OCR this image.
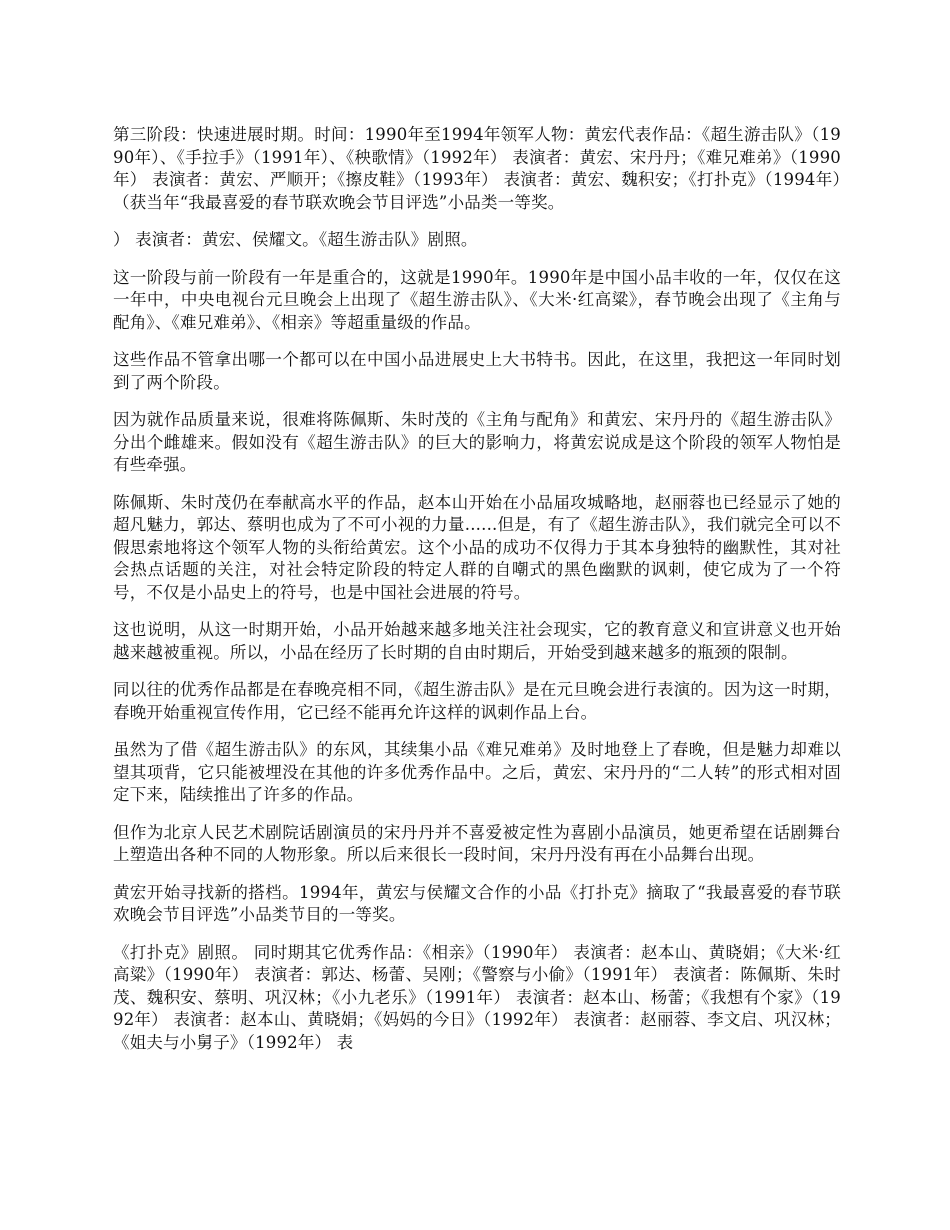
第三阶段：快速进展时期。时间：1990年至1994年领军人物：黄宏代表作品：《超生游击队》（1990年）、《手拉手》（1991年）、《秧歌情》（1992年） 表演者：黄宏、宋丹丹；《难兄难弟》（1990年） 表演者：黄宏、严顺开；《擦皮鞋》（1993年） 表演者：黄宏、魏积安；《打扑克》（1994年）（获当年“我最喜爱的春节联欢晚会节目评选”小品类一等奖。

） 表演者：黄宏、侯耀文。《超生游击队》剧照。

这一阶段与前一阶段有一年是重合的，这就是1990年。1990年是中国小品丰收的一年，仅仅在这一年中，中央电视台元旦晚会上出现了《超生游击队》、《大米·红高粱》，春节晚会出现了《主角与配角》、《难兄难弟》、《相亲》等超重量级的作品。

这些作品不管拿出哪一个都可以在中国小品进展史上大书特书。因此，在这里，我把这一年同时划到了两个阶段。

因为就作品质量来说，很难将陈佩斯、朱时茂的《主角与配角》和黄宏、宋丹丹的《超生游击队》分出个雌雄来。假如没有《超生游击队》的巨大的影响力，将黄宏说成是这个阶段的领军人物怕是有些牵强。

陈佩斯、朱时茂仍在奉献高水平的作品，赵本山开始在小品届攻城略地，赵丽蓉也已经显示了她的超凡魅力，郭达、蔡明也成为了不可小视的力量......但是，有了《超生游击队》，我们就完全可以不假思索地将这个领军人物的头衔给黄宏。这个小品的成功不仅得力于其本身独特的幽默性，其对社会热点话题的关注，对社会特定阶段的特定人群的自嘲式的黑色幽默的讽刺，使它成为了一个符号，不仅是小品史上的符号，也是中国社会进展的符号。

这也说明，从这一时期开始，小品开始越来越多地关注社会现实，它的教育意义和宣讲意义也开始越来越被重视。所以，小品在经历了长时期的自由时期后，开始受到越来越多的瓶颈的限制。

同以往的优秀作品都是在春晚亮相不同，《超生游击队》是在元旦晚会进行表演的。因为这一时期，春晚开始重视宣传作用，它已经不能再允许这样的讽刺作品上台。

虽然为了借《超生游击队》的东风，其续集小品《难兄难弟》及时地登上了春晚，但是魅力却难以望其项背，它只能被埋没在其他的许多优秀作品中。之后，黄宏、宋丹丹的“二人转”的形式相对固定下来，陆续推出了许多的作品。

但作为北京人民艺术剧院话剧演员的宋丹丹并不喜爱被定性为喜剧小品演员，她更希望在话剧舞台上塑造出各种不同的人物形象。所以后来很长一段时间，宋丹丹没有再在小品舞台出现。

黄宏开始寻找新的搭档。1994年，黄宏与侯耀文合作的小品《打扑克》摘取了“我最喜爱的春节联欢晚会节目评选”小品类节目的一等奖。

《打扑克》剧照。 同时期其它优秀作品：《相亲》（1990年） 表演者：赵本山、黄晓娟；《大米·红高粱》（1990年） 表演者：郭达、杨蕾、吴刚；《警察与小偷》（1991年） 表演者：陈佩斯、朱时茂、魏积安、蔡明、巩汉林；《小九老乐》（1991年） 表演者：赵本山、杨蕾；《我想有个家》（1992年） 表演者：赵本山、黄晓娟；《妈妈的今日》（1992年） 表演者：赵丽蓉、李文启、巩汉林；《姐夫与小舅子》（1992年） 表
